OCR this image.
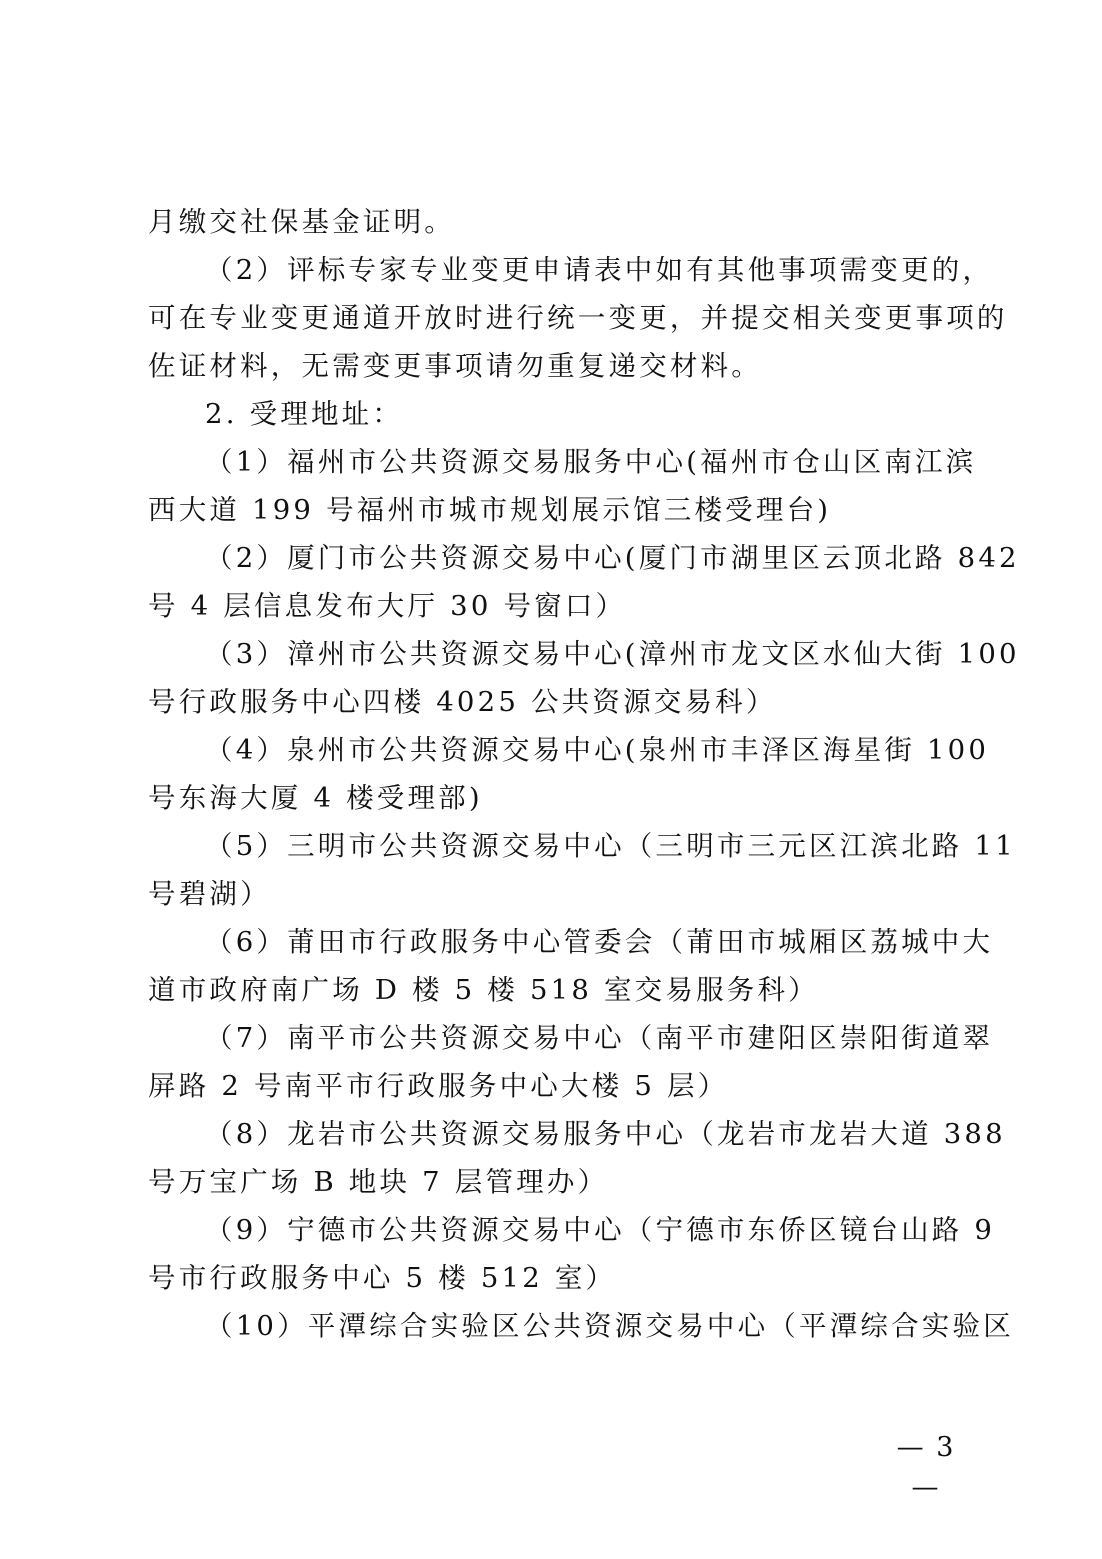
月缴交社保基金证明。
（2）评标专家专业变更申请表中如有其他事项需变更的，
可在专业变更通道开放时进行统一变更，并提交相关变更事项的
佐证材料，无需变更事项请勿重复递交材料。
2. 受理地址：
（1）福州市公共资源交易服务中心(福州市仓山区南江滨
西大道 199 号福州市城市规划展示馆三楼受理台)
（2）厦门市公共资源交易中心(厦门市湖里区云顶北路 842
号 4 层信息发布大厅 30 号窗口）
（3）漳州市公共资源交易中心(漳州市龙文区水仙大街 100
号行政服务中心四楼 4025 公共资源交易科）
（4）泉州市公共资源交易中心(泉州市丰泽区海星街 100
号东海大厦 4 楼受理部)
（5）三明市公共资源交易中心（三明市三元区江滨北路 11
号碧湖）
（6）莆田市行政服务中心管委会（莆田市城厢区荔城中大
道市政府南广场 D 楼 5 楼 518 室交易服务科）
（7）南平市公共资源交易中心（南平市建阳区崇阳街道翠
屏路 2 号南平市行政服务中心大楼 5 层）
（8）龙岩市公共资源交易服务中心（龙岩市龙岩大道 388
号万宝广场 B 地块 7 层管理办）
（9）宁德市公共资源交易中心（宁德市东侨区镜台山路 9
号市行政服务中心 5 楼 512 室）
（10）平潭综合实验区公共资源交易中心（平潭综合实验区
— 3 —
